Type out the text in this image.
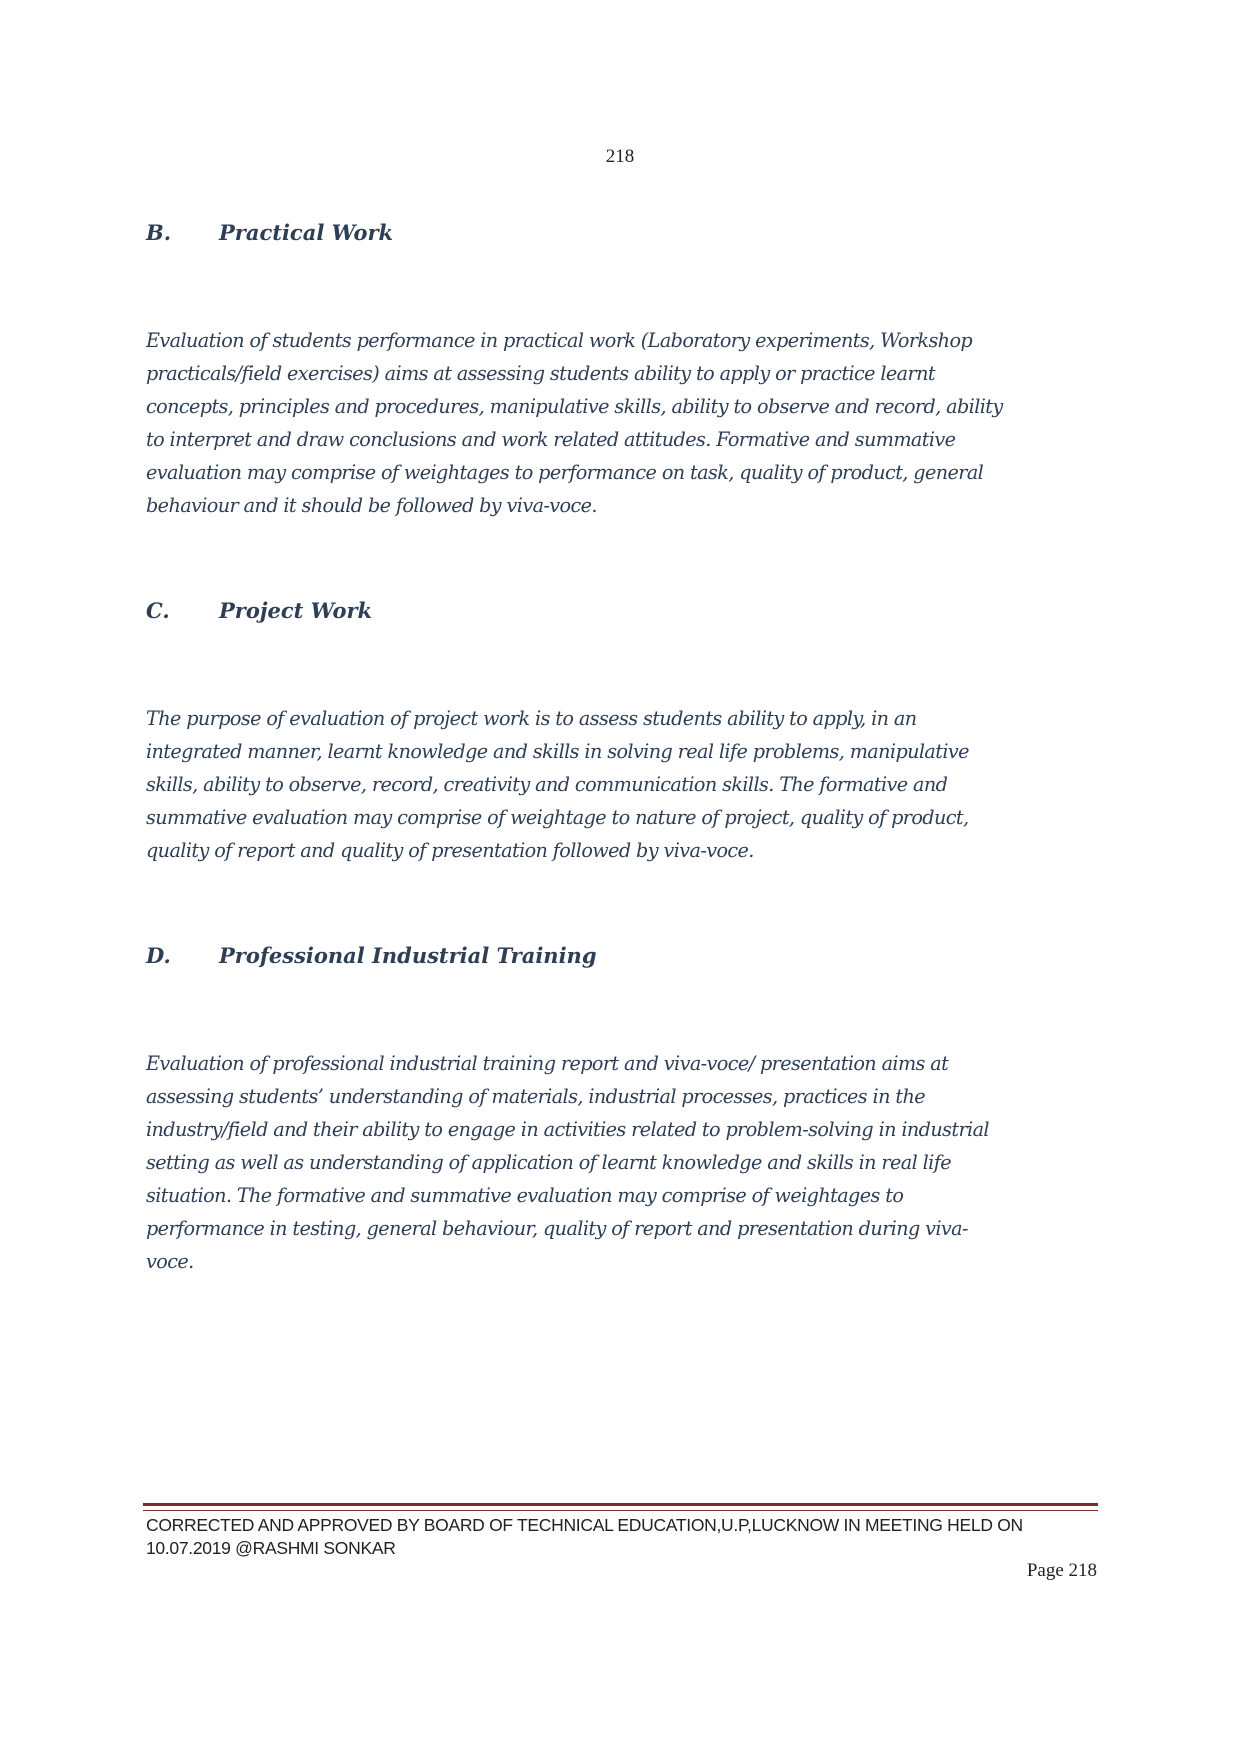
218
B. Practical Work
Evaluation of students performance in practical work (Laboratory experiments, Workshop
practicals/field exercises) aims at assessing students ability to apply or practice learnt
concepts, principles and procedures, manipulative skills, ability to observe and record, ability
to interpret and draw conclusions and work related attitudes. Formative and summative
evaluation may comprise of weightages to performance on task, quality of product, general
behaviour and it should be followed by viva-voce.
C. Project Work
The purpose of evaluation of project work is to assess students ability to apply, in an
integrated manner, learnt knowledge and skills in solving real life problems, manipulative
skills, ability to observe, record, creativity and communication skills. The formative and
summative evaluation may comprise of weightage to nature of project, quality of product,
quality of report and quality of presentation followed by viva-voce.
D. Professional Industrial Training
Evaluation of professional industrial training report and viva-voce/ presentation aims at
assessing students’ understanding of materials, industrial processes, practices in the
industry/field and their ability to engage in activities related to problem-solving in industrial
setting as well as understanding of application of learnt knowledge and skills in real life
situation. The formative and summative evaluation may comprise of weightages to
performance in testing, general behaviour, quality of report and presentation during viva-
voce.
CORRECTED AND APPROVED BY BOARD OF TECHNICAL EDUCATION,U.P,LUCKNOW IN MEETING HELD ON
10.07.2019 @RASHMI SONKAR
Page 218
